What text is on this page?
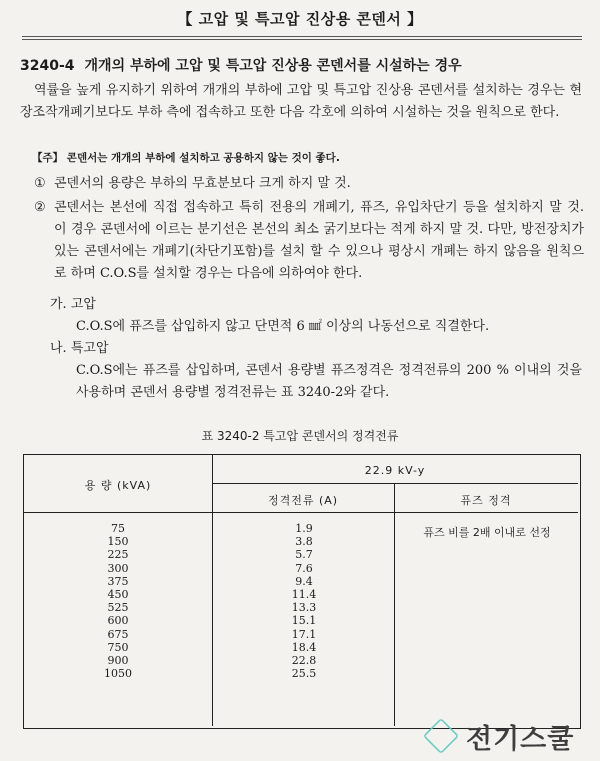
【 고압 및 특고압 진상용 콘덴서 】
3240-4 개개의 부하에 고압 및 특고압 진상용 콘덴서를 시설하는 경우
역률을 높게 유지하기 위하여 개개의 부하에 고압 및 특고압 진상용 콘덴서를 설치하는 경우는 현장조작개폐기보다도 부하 측에 접속하고 또한 다음 각호에 의하여 시설하는 것을 원칙으로 한다.
【주】 콘덴서는 개개의 부하에 설치하고 공용하지 않는 것이 좋다.
① 콘덴서의 용량은 부하의 무효분보다 크게 하지 말 것.
② 콘덴서는 본선에 직접 접속하고 특히 전용의 개폐기, 퓨즈, 유입차단기 등을 설치하지 말 것. 이 경우 콘덴서에 이르는 분기선은 본선의 최소 굵기보다는 적게 하지 말 것. 다만, 방전장치가 있는 콘덴서에는 개폐기(차단기포함)를 설치 할 수 있으나 평상시 개폐는 하지 않음을 원칙으로 하며 C.O.S를 설치할 경우는 다음에 의하여야 한다.
가. 고압
C.O.S에 퓨즈를 삽입하지 않고 단면적 6 ㎟ 이상의 나동선으로 직결한다.
나. 특고압
C.O.S에는 퓨즈를 삽입하며, 콘덴서 용량별 퓨즈정격은 정격전류의 200 % 이내의 것을 사용하며 콘덴서 용량별 정격전류는 표 3240-2와 같다.
표 3240-2 특고압 콘덴서의 정격전류
용 량 (kVA)
22.9 kV-y
정격전류 (A)	퓨즈 정격
75
150
225
300
375
450
525
600
675
750
900
1050
1.9
3.8
5.7
7.6
9.4
11.4
13.3
15.1
17.1
18.4
22.8
25.5
퓨즈 비를 2배 이내로 선정
전기스쿨
